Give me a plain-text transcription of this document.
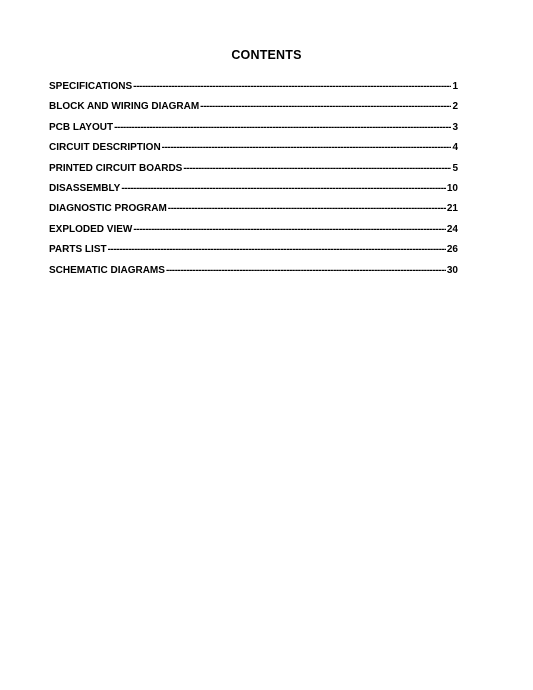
CONTENTS
SPECIFICATIONS -----	1
BLOCK AND WIRING DIAGRAM -----	2
PCB LAYOUT -----	3
CIRCUIT DESCRIPTION -----	4
PRINTED CIRCUIT BOARDS -----	5
DISASSEMBLY -----	10
DIAGNOSTIC PROGRAM -----	21
EXPLODED VIEW -----	24
PARTS LIST -----	26
SCHEMATIC DIAGRAMS -----	30
